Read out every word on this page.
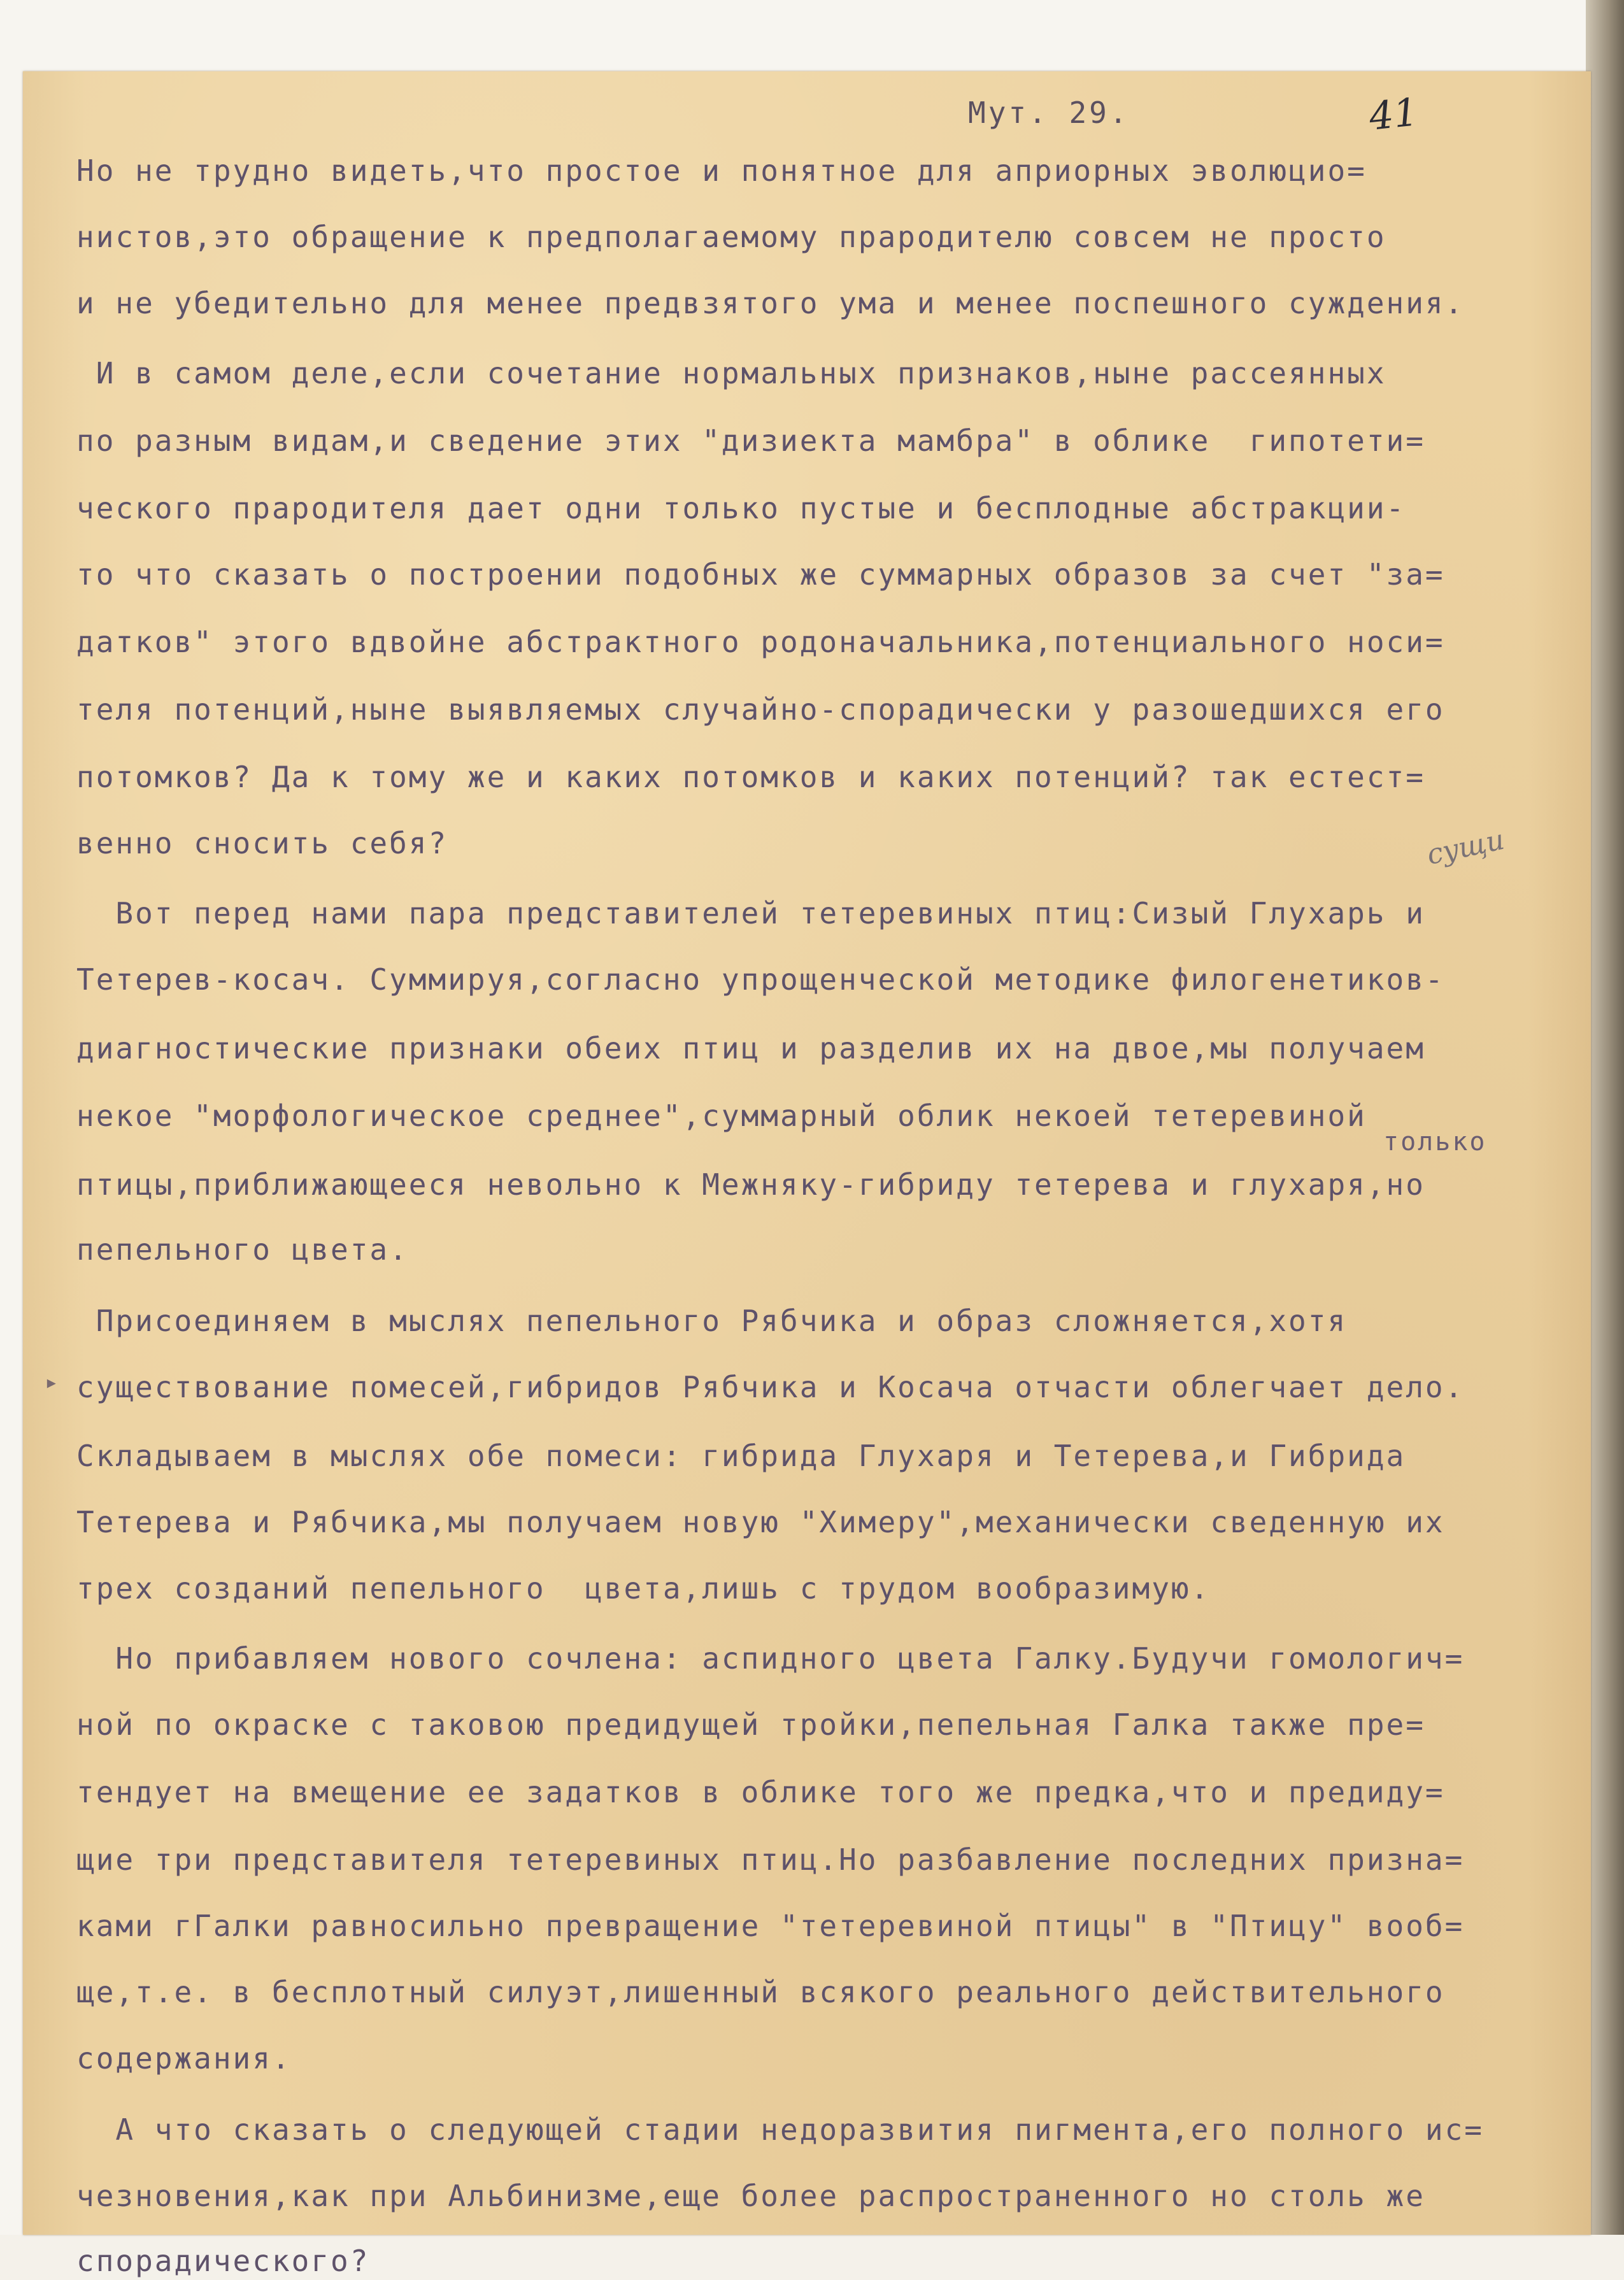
Мут. 29.	41
сущи
только
▸
Но не трудно видеть,что простое и понятное для априорных эволюцио=
нистов,это обращение к предполагаемому прародителю совсем не просто
и не убедительно для менее предвзятого ума и менее поспешного суждения.
И в самом деле,если сочетание нормальных признаков,ныне рассеянных
по разным видам,и сведение этих "дизиекта мамбра" в облике  гипотети=
ческого прародителя дает одни только пустые и бесплодные абстракции-
то что сказать о построении подобных же суммарных образов за счет "за=
датков" этого вдвойне абстрактного родоначальника,потенциального носи=
теля потенций,ныне выявляемых случайно-спорадически у разошедшихся его
потомков? Да к тому же и каких потомков и каких потенций? так естест=
венно сносить себя?
Вот перед нами пара представителей тетеревиных птиц:Сизый Глухарь и
Тетерев-косач. Суммируя,согласно упрощенческой методике филогенетиков-
диагностические признаки обеих птиц и разделив их на двое,мы получаем
некое "морфологическое среднее",суммарный облик некоей тетеревиной
птицы,приближающееся невольно к Межняку-гибриду тетерева и глухаря,но
пепельного цвета.
Присоединяем в мыслях пепельного Рябчика и образ сложняется,хотя
существование помесей,гибридов Рябчика и Косача отчасти облегчает дело.
Складываем в мыслях обе помеси: гибрида Глухаря и Тетерева,и Гибрида
Тетерева и Рябчика,мы получаем новую "Химеру",механически сведенную их
трех созданий пепельного  цвета,лишь с трудом вообразимую.
Но прибавляем нового сочлена: аспидного цвета Галку.Будучи гомологич=
ной по окраске с таковою предидущей тройки,пепельная Галка также пре=
тендует на вмещение ее задатков в облике того же предка,что и предиду=
щие три представителя тетеревиных птиц.Но разбавление последних призна=
ками гГалки равносильно превращение "тетеревиной птицы" в "Птицу" вооб=
ще,т.е. в бесплотный силуэт,лишенный всякого реального действительного
содержания.
А что сказать о следующей стадии недоразвития пигмента,его полного ис=
чезновения,как при Альбинизме,еще более распространенного но столь же
спорадического?
